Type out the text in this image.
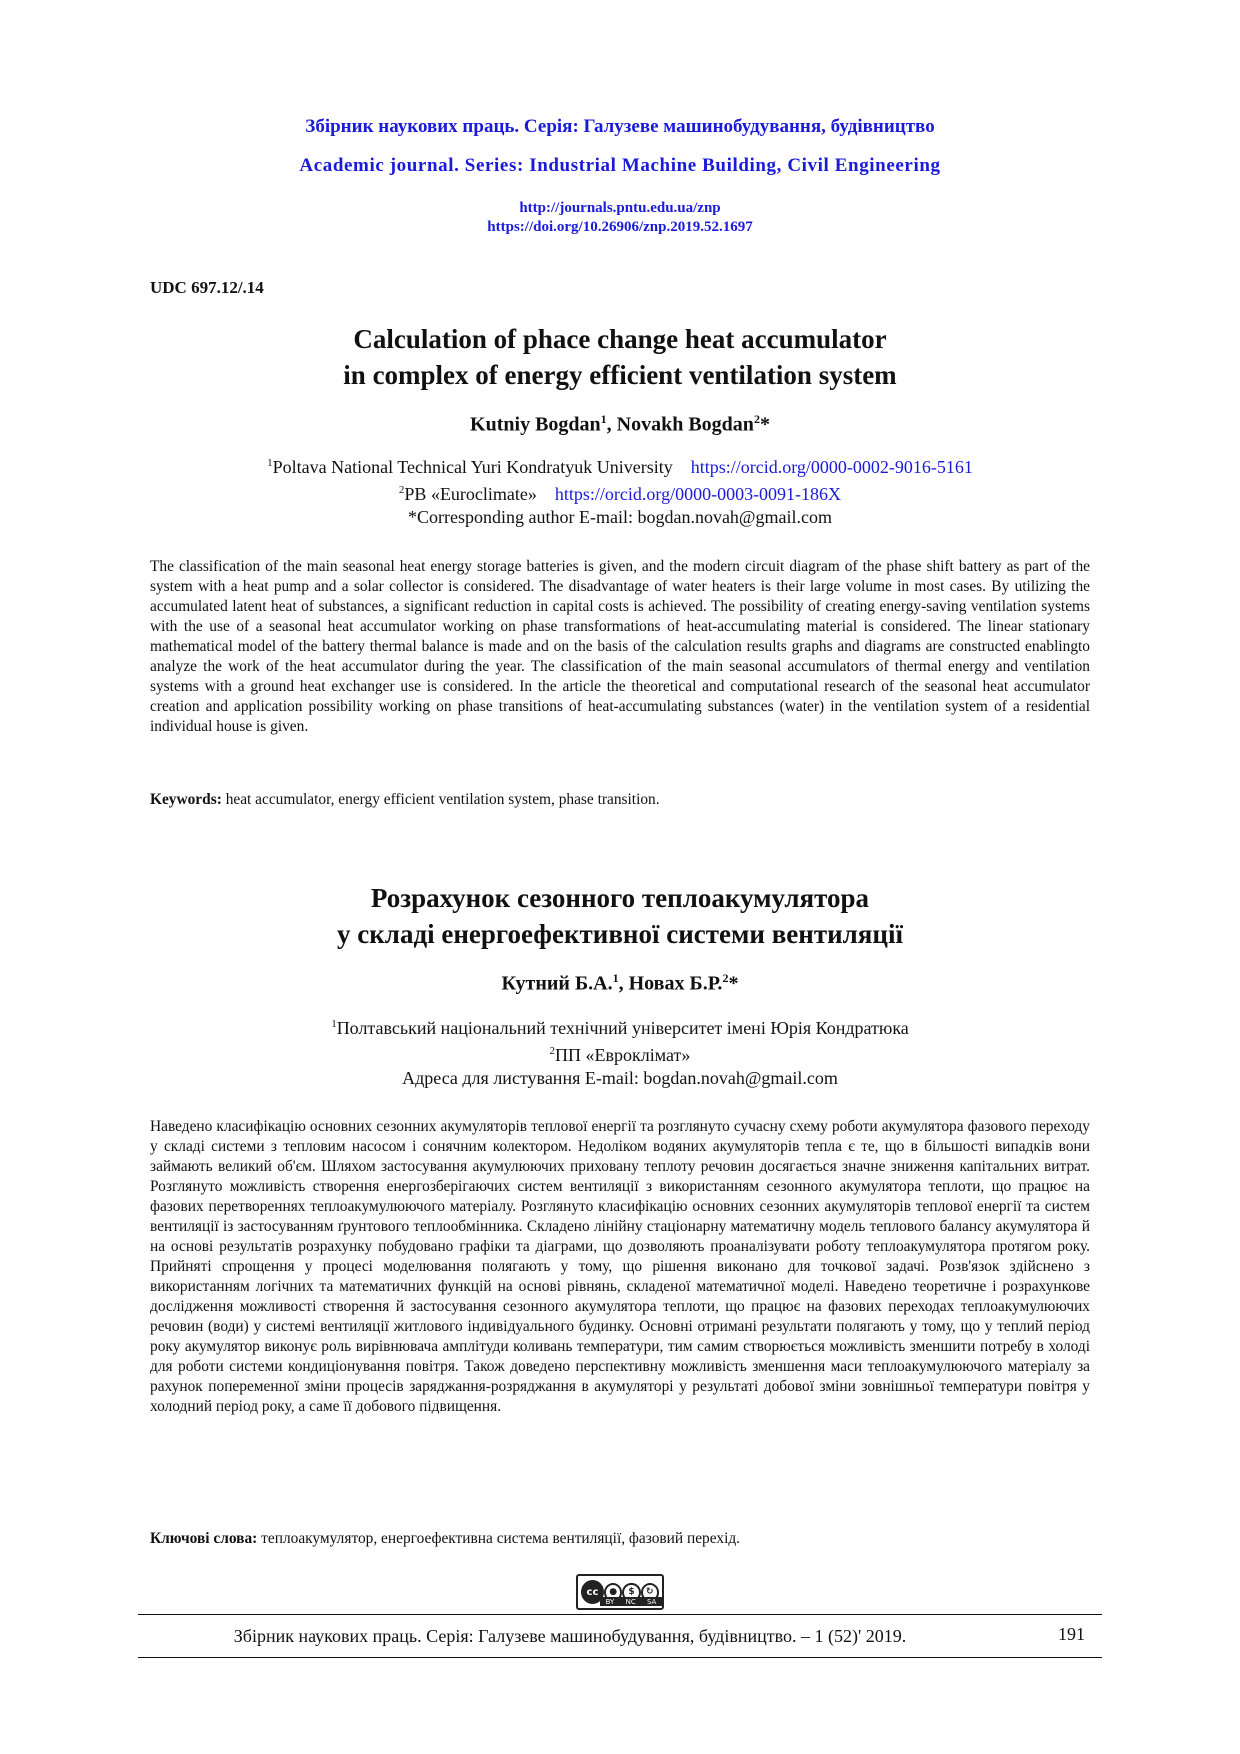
Збірник наукових праць. Серія: Галузеве машинобудування, будівництво
Academic journal. Series: Industrial Machine Building, Civil Engineering
http://journals.pntu.edu.ua/znp
https://doi.org/10.26906/znp.2019.52.1697
UDC 697.12/.14
Calculation of phace change heat accumulator
in complex of energy efficient ventilation system
Kutniy Bogdan$^1$, Novakh Bogdan$^2$*
$^1$Poltava National Technical Yuri Kondratyuk University https://orcid.org/0000-0002-9016-5161
$^2$PB «Euroclimate» https://orcid.org/0000-0003-0091-186X
*Corresponding author E-mail: bogdan.novah@gmail.com
The classification of the main seasonal heat energy storage batteries is given, and the modern circuit diagram of the phase shift battery as part of the system with a heat pump and a solar collector is considered. The disadvantage of water heaters is their large volume in most cases. By utilizing the accumulated latent heat of substances, a significant reduction in capital costs is achieved. The possibility of creating energy-saving ventilation systems with the use of a seasonal heat accumulator working on phase transformations of heat-accumulating material is considered. The linear stationary mathematical model of the battery thermal balance is made and on the basis of the calculation results graphs and diagrams are constructed enablingto analyze the work of the heat accumulator during the year. The classification of the main seasonal accumulators of thermal energy and ventilation systems with a ground heat exchanger use is considered. In the article the theoretical and computational research of the seasonal heat accumulator creation and application possibility working on phase transitions of heat-accumulating substances (water) in the ventilation system of a residential individual house is given.
Keywords: heat accumulator, energy efficient ventilation system, phase transition.
Розрахунок сезонного теплоакумулятора
у складі енергоефективної системи вентиляції
Кутний Б.А.$^1$, Новах Б.Р.$^2$*
$^1$Полтавський національний технічний університет імені Юрія Кондратюка
$^2$ПП «Евроклімат»
Адреса для листування E-mail: bogdan.novah@gmail.com
Наведено класифікацію основних сезонних акумуляторів теплової енергії та розглянуто сучасну схему роботи акумулятора фазового переходу у складі системи з тепловим насосом і сонячним колектором. Недоліком водяних акумуляторів тепла є те, що в більшості випадків вони займають великий об'єм. Шляхом застосування акумулюючих приховану теплоту речовин досягається значне зниження капітальних витрат. Розглянуто можливість створення енергозберігаючих систем вентиляції з використанням сезонного акумулятора теплоти, що працює на фазових перетвореннях теплоакумулюючого матеріалу. Розглянуто класифікацію основних сезонних акумуляторів теплової енергії та систем вентиляції із застосуванням ґрунтового теплообмінника. Складено лінійну стаціонарну математичну модель теплового балансу акумулятора й на основі результатів розрахунку побудовано графіки та діаграми, що дозволяють проаналізувати роботу теплоакумулятора протягом року. Прийняті спрощення у процесі моделювання полягають у тому, що рішення виконано для точкової задачі. Розв'язок здійснено з використанням логічних та математичних функцій на основі рівнянь, складеної математичної моделі. Наведено теоретичне і розрахункове дослідження можливості створення й застосування сезонного акумулятора теплоти, що працює на фазових переходах теплоакумулюючих речовин (води) у системі вентиляції житлового індивідуального будинку. Основні отримані результати полягають у тому, що у теплий період року акумулятор виконує роль вирівнювача амплітуди коливань температури, тим самим створюється можливість зменшити потребу в холоді для роботи системи кондиціонування повітря. Також доведено перспективну можливість зменшення маси теплоакумулюючого матеріалу за рахунок попеременної зміни процесів заряджання-розряджання в акумуляторі у результаті добової зміни зовнішньої температури повітря у холодний період року, а саме її добового підвищення.
Ключові слова: теплоакумулятор, енергоефективна система вентиляції, фазовий перехід.
cc	●	$	↻
BY NC SA
Збірник наукових праць. Серія: Галузеве машинобудування, будівництво. – 1 (52)' 2019.	191
